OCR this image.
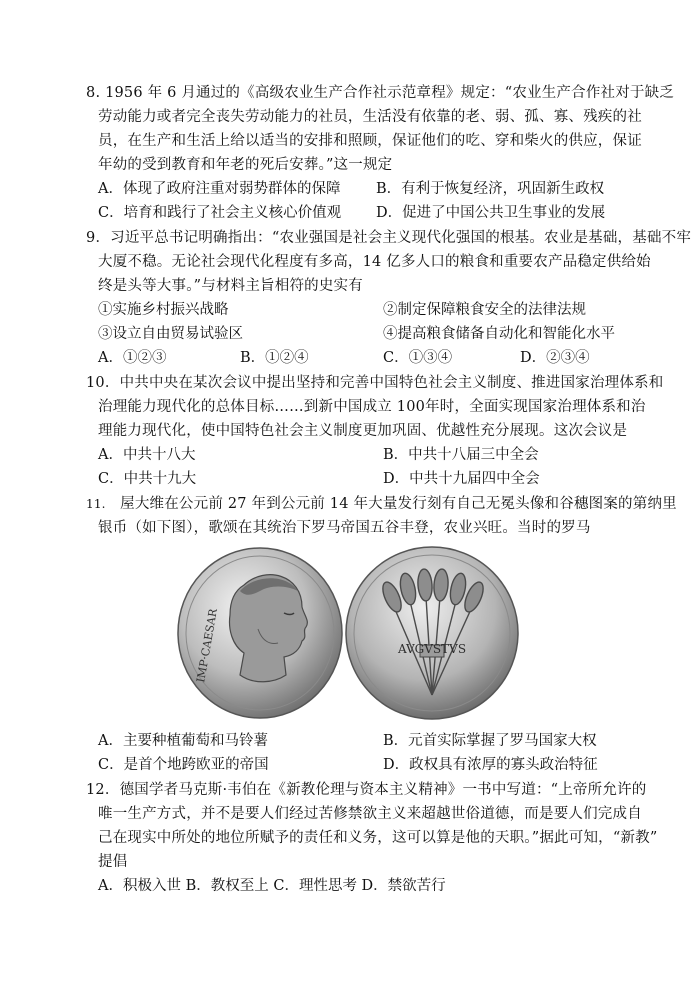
8. 1956 年 6 月通过的《高级农业生产合作社示范章程》规定：“农业生产合作社对于缺乏
劳动能力或者完全丧失劳动能力的社员，生活没有依靠的老、弱、孤、寡、残疾的社
员，在生产和生活上给以适当的安排和照顾，保证他们的吃、穿和柴火的供应，保证
年幼的受到教育和年老的死后安葬。”这一规定
A．体现了政府注重对弱势群体的保障 B．有利于恢复经济，巩固新生政权
C．培育和践行了社会主义核心价值观 D．促进了中国公共卫生事业的发展
9．习近平总书记明确指出：“农业强国是社会主义现代化强国的根基。农业是基础，基础不牢
大厦不稳。无论社会现代化程度有多高，14 亿多人口的粮食和重要农产品稳定供给始
终是头等大事。”与材料主旨相符的史实有
①实施乡村振兴战略	②制定保障粮食安全的法律法规
③设立自由贸易试验区	④提高粮食储备自动化和智能化水平
A．①②③	B．①②④	C．①③④	D．②③④
10．中共中央在某次会议中提出坚持和完善中国特色社会主义制度、推进国家治理体系和
治理能力现代化的总体目标……到新中国成立 100年时，全面实现国家治理体系和治
理能力现代化，使中国特色社会主义制度更加巩固、优越性充分展现。这次会议是
A．中共十八大	B．中共十八届三中全会
C．中共十九大	D．中共十九届四中全会
11. 屋大维在公元前 27 年到公元前 14 年大量发行刻有自己无冕头像和谷穗图案的第纳里
银币（如下图），歌颂在其统治下罗马帝国五谷丰登，农业兴旺。当时的罗马
IMP·CAESAR	AVGVSTVS
A．主要种植葡萄和马铃薯	B．元首实际掌握了罗马国家大权
C．是首个地跨欧亚的帝国	D．政权具有浓厚的寡头政治特征
12．德国学者马克斯·韦伯在《新教伦理与资本主义精神》一书中写道：“上帝所允许的
唯一生产方式，并不是要人们经过苦修禁欲主义来超越世俗道德，而是要人们完成自
己在现实中所处的地位所赋予的责任和义务，这可以算是他的天职。”据此可知，“新教”
提倡
A．积极入世 B．教权至上 C．理性思考 D．禁欲苦行
